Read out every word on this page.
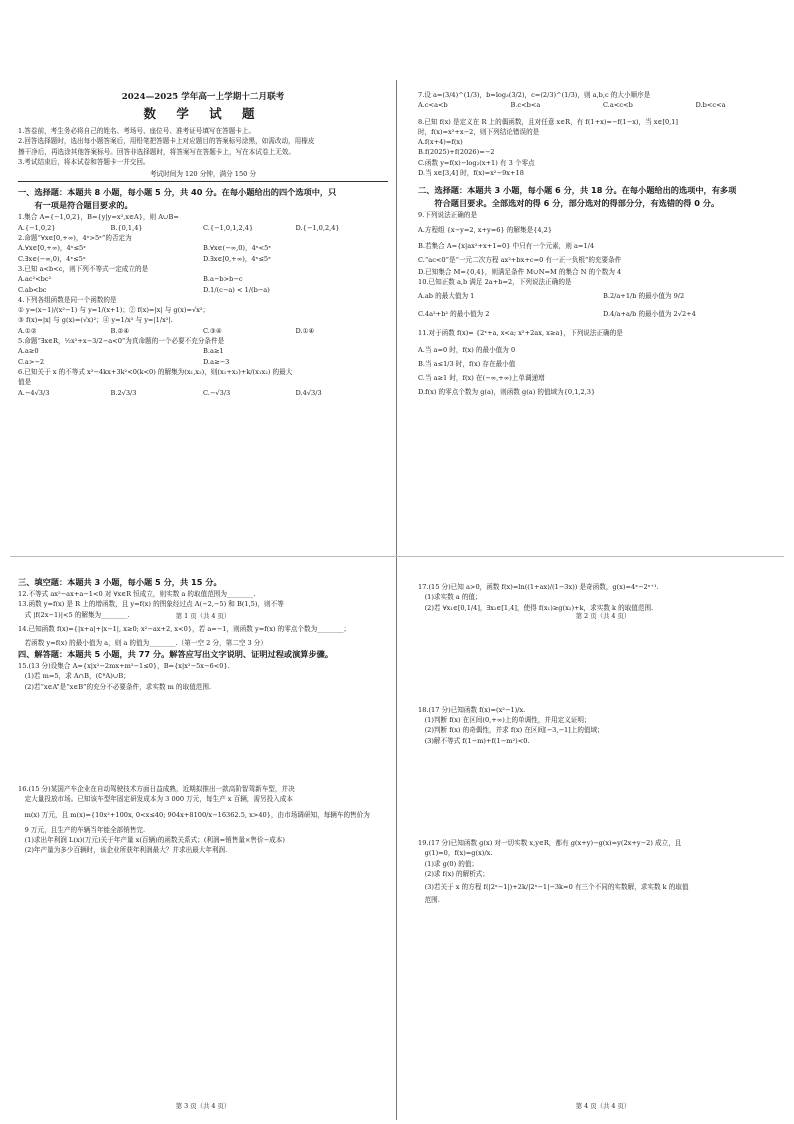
2024—2025 学年高一上学期十二月联考
数 学 试 题
1.答卷前，考生务必将自己的姓名、考场号、座位号、准考证号填写在答题卡上。
2.回答选择题时，选出每小题答案后，用铅笔把答题卡上对应题目的答案标号涂黑，如需改动，用橡皮
擦干净后，再选涂其他答案标号。回答非选择题时，将答案写在答题卡上，写在本试卷上无效。
3.考试结束后，将本试卷和答题卡一并交回。
考试时间为 120 分钟，满分 150 分
一、选择题：本题共 8 小题，每小题 5 分，共 40 分。在每小题给出的四个选项中，只
　　有一项是符合题目要求的。
1.集合 A={−1,0,2}，B={y|y=x²,x∈A}，则 A∪B=
A.{−1,0,2}	B.{0,1,4}	C.{−1,0,1,2,4}	D.{−1,0,2,4}
2.命题“∀x∈[0,+∞)，4ˣ>5ˣ”的否定为
A.∀x∈[0,+∞)，4ˣ≤5ˣ	B.∀x∈(−∞,0)，4ˣ<5ˣ
C.∃x∈(−∞,0)，4ˣ≤5ˣ	D.∃x∈[0,+∞)，4ˣ≤5ˣ
3.已知 a<b<c，则下列不等式一定成立的是
A.ac²<bc²	B.a−b>b−c
C.ab<bc	D.1/(c−a) < 1/(b−a)
4.下列各组函数是同一个函数的是
① y=(x−1)/(x²−1) 与 y=1/(x+1)；② f(x)=|x| 与 g(x)=√x²；
③ f(x)=|x| 与 g(x)=(√x)²；④ y=1/x² 与 y=|1/x²|.
A.①②	B.②④	C.③④	D.①④
5.命题“∃x∈R，½x²+x−3/2−a<0”为真命题的一个必要不充分条件是
A.a≥0	B.a≥1
C.a>−2	D.a≥−3
6.已知关于 x 的不等式 x²−4kx+3k²<0(k<0) 的解集为(x₁,x₂)，则(x₁+x₂)+k/(x₁x₂) 的最大
值是
A.−4√3/3	B.2√3/3	C.−√3/3	D.4√3/3
第 1 页（共 4 页）
7.设 a=(3/4)^(1/3)，b=log₃(3/2)，c=(2/3)^(1/3)，则 a,b,c 的大小顺序是
A.c<a<b	B.c<b<a	C.a<c<b	D.b<c<a
8.已知 f(x) 是定义在 R 上的偶函数，且对任意 x∈R，有 f(1+x)=−f(1−x)，当 x∈[0,1]
时，f(x)=x²+x−2，则下列结论错误的是
A.f(x+4)=f(x)
B.f(2025)+f(2026)=−2
C.函数 y=f(x)−log₂(x+1) 有 3 个零点
D.当 x∈[3,4] 时，f(x)=x²−9x+18
二、选择题：本题共 3 小题，每小题 6 分，共 18 分。在每小题给出的选项中，有多项
　　符合题目要求。全部选对的得 6 分，部分选对的得部分分，有选错的得 0 分。
9.下列说法正确的是
A.方程组 {x−y=2, x+y=6} 的解集是{4,2}
B.若集合 A={x|ax²+x+1=0} 中只有一个元素，则 a=1/4
C.“ac<0”是“一元二次方程 ax²+bx+c=0 有一正一负根”的充要条件
D.已知集合 M={0,4}，则满足条件 M∪N=M 的集合 N 的个数为 4
10.已知正数 a,b 满足 2a+b=2，下列说法正确的是
A.ab 的最大值为 1	B.2/a+1/b 的最小值为 9/2
C.4a²+b² 的最小值为 2	D.4/a+a/b 的最小值为 2√2+4
11.对于函数 f(x)= {2ˣ+a, x<a; x²+2ax, x≥a}，下列说法正确的是
A.当 a=0 时，f(x) 的最小值为 0
B.当 a≤1/3 时，f(x) 存在最小值
C.当 a≥1 时，f(x) 在(−∞,+∞)上单调递增
D.f(x) 的零点个数为 g(a)，则函数 g(a) 的值域为{0,1,2,3}
第 2 页（共 4 页）
三、填空题：本题共 3 小题，每小题 5 分，共 15 分。
12.不等式 ax²−ax+a−1<0 对 ∀x∈R 恒成立，则实数 a 的取值范围为________.
13.函数 y=f(x) 是 R 上的增函数，且 y=f(x) 的图象经过点 A(−2,−5) 和 B(1,5)，则不等
　式 |f(2x−1)|<5 的解集为________.
14.已知函数 f(x)={|x+a|+|x−1|, x≥0; x²−ax+2, x<0}，若 a=−1，则函数 y=f(x) 的零点个数为________；
　若函数 y=f(x) 的最小值为 a，则 a 的值为________.（第一空 2 分，第二空 3 分）
四、解答题：本题共 5 小题，共 77 分。解答应写出文字说明、证明过程或演算步骤。
15.(13 分)设集合 A={x|x²−2mx+m²−1≤0}，B={x|x²−5x−6<0}.
　(1)若 m=5，求 A∩B，(∁ᴿA)∪B；
　(2)若“x∈A”是“x∈B”的充分不必要条件，求实数 m 的取值范围.
16.(15 分)某国产车企业在自动驾驶技术方面日益成熟，近期拟推出一款高阶智驾新车型，并决
　定大量投放市场。已知该车型年固定研发成本为 3 000 万元，每生产 x 百辆，需另投入成本
　m(x) 万元，且 m(x)={10x²+100x, 0<x≤40; 904x+8100/x−16362.5, x>40}，由市场调研知，每辆车的售价为
　9 万元，且生产的车辆当年能全部销售完.
　(1)求出年利润 L(x)(万元)关于年产量 x(百辆)的函数关系式；(利润=销售量×售价−成本)
　(2)年产量为多少百辆时，该企业所获年利润最大？并求出最大年利润.
第 3 页（共 4 页）
17.(15 分)已知 a>0，函数 f(x)=ln((1+ax)/(1−3x)) 是奇函数，g(x)=4ˣ−2ˣ⁺¹.
　(1)求实数 a 的值；
　(2)若 ∀x₁∈[0,1/4]，∃x₂∈[1,4]，使得 f(x₁)≥g(x₂)+k，求实数 k 的取值范围.
18.(17 分)已知函数 f(x)=(x²−1)/x.
　(1)判断 f(x) 在区间(0,+∞)上的单调性，并用定义证明；
　(2)判断 f(x) 的奇偶性，并求 f(x) 在区间[−3,−1]上的值域；
　(3)解不等式 f(1−m)+f(1−m²)<0.
19.(17 分)已知函数 g(x) 对一切实数 x,y∈R，都有 g(x+y)−g(x)=y(2x+y−2) 成立，且
　g(1)=0，f(x)=g(x)/x.
　(1)求 g(0) 的值；
　(2)求 f(x) 的解析式；
　(3)若关于 x 的方程 f(|2ˣ−1|)+2k/|2ˣ−1|−3k=0 有三个不同的实数解，求实数 k 的取值
　范围.
第 4 页（共 4 页）
